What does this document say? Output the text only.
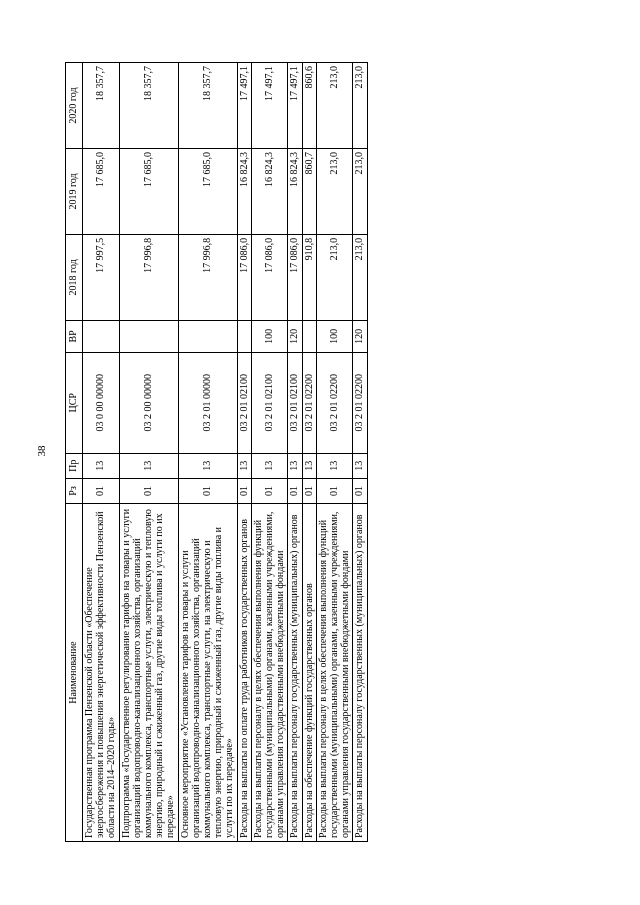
38
Наименование	Рз	Пр	ЦСР	ВР	2018 год	2019 год	2020 год
Государственная программа Пензенской области «Обеспечение энергосбережения и повышения энергетической эффективности Пензенской области на 2014–2020 годы»	01	13	03 0 00 00000		17 997,5	17 685,0	18 357,7
Подпрограмма «Государственное регулирование тарифов на товары и услуги организаций водопроводно-канализационного хозяйства, организаций коммунального комплекса, транспортные услуги, электрическую и тепловую энергию, природный и сжиженный газ, другие виды топлива и услуги по их передаче»	01	13	03 2 00 00000		17 996,8	17 685,0	18 357,7
Основное мероприятие «Установление тарифов на товары и услуги организаций водопроводно-канализационного хозяйства, организаций коммунального комплекса, транспортные услуги, на электрическую и тепловую энергию, природный и сжиженный газ, другие виды топлива и услуги по их передаче»	01	13	03 2 01 00000		17 996,8	17 685,0	18 357,7
Расходы на выплаты по оплате труда работников государственных органов	01	13	03 2 01 02100		17 086,0	16 824,3	17 497,1
Расходы на выплаты персоналу в целях обеспечения выполнения функций государственными (муниципальными) органами, казенными учреждениями, органами управления государственными внебюджетными фондами	01	13	03 2 01 02100	100	17 086,0	16 824,3	17 497,1
Расходы на выплаты персоналу государственных (муниципальных) органов	01	13	03 2 01 02100	120	17 086,0	16 824,3	17 497,1
Расходы на обеспечение функций государственных органов	01	13	03 2 01 02200		910,8	860,7	860,6
Расходы на выплаты персоналу в целях обеспечения выполнения функций государственными (муниципальными) органами, казенными учреждениями, органами управления государственными внебюджетными фондами	01	13	03 2 01 02200	100	213,0	213,0	213,0
Расходы на выплаты персоналу государственных (муниципальных) органов	01	13	03 2 01 02200	120	213,0	213,0	213,0
